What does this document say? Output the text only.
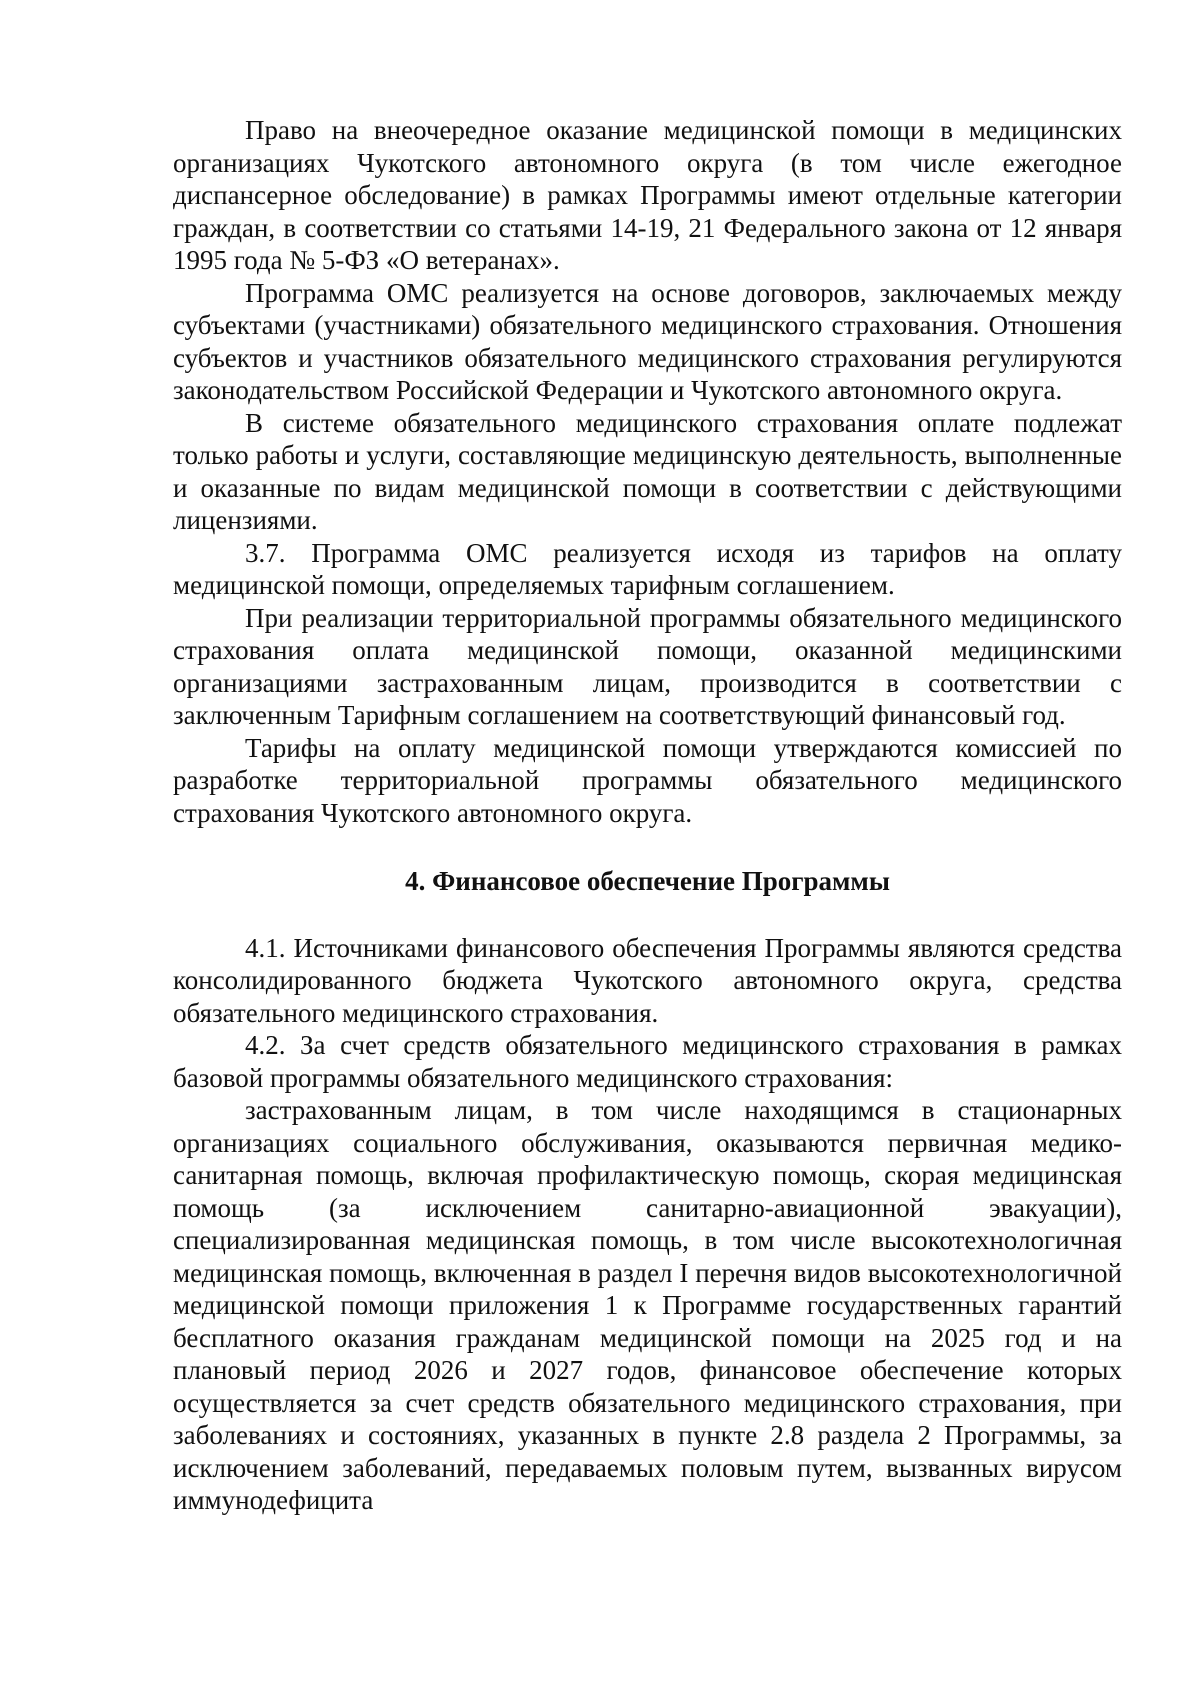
Право на внеочередное оказание медицинской помощи в медицинских организациях Чукотского автономного округа (в том числе ежегодное диспансерное обследование) в рамках Программы имеют отдельные категории граждан, в соответствии со статьями 14-19, 21 Федерального закона от 12 января 1995 года № 5-ФЗ «О ветеранах».

Программа ОМС реализуется на основе договоров, заключаемых между субъектами (участниками) обязательного медицинского страхования. Отношения субъектов и участников обязательного медицинского страхования регулируются законодательством Российской Федерации и Чукотского автономного округа.

В системе обязательного медицинского страхования оплате подлежат только работы и услуги, составляющие медицинскую деятельность, выполненные и оказанные по видам медицинской помощи в соответствии с действующими лицензиями.

3.7. Программа ОМС реализуется исходя из тарифов на оплату медицинской помощи, определяемых тарифным соглашением.

При реализации территориальной программы обязательного медицинского страхования оплата медицинской помощи, оказанной медицинскими организациями застрахованным лицам, производится в соответствии с заключенным Тарифным соглашением на соответствующий финансовый год.

Тарифы на оплату медицинской помощи утверждаются комиссией по разработке территориальной программы обязательного медицинского страхования Чукотского автономного округа.

4. Финансовое обеспечение Программы

4.1. Источниками финансового обеспечения Программы являются средства консолидированного бюджета Чукотского автономного округа, средства обязательного медицинского страхования.

4.2. За счет средств обязательного медицинского страхования в рамках базовой программы обязательного медицинского страхования:

застрахованным лицам, в том числе находящимся в стационарных организациях социального обслуживания, оказываются первичная медико-санитарная помощь, включая профилактическую помощь, скорая медицинская помощь (за исключением санитарно-авиационной эвакуации), специализированная медицинская помощь, в том числе высокотехнологичная медицинская помощь, включенная в раздел I перечня видов высокотехнологичной медицинской помощи приложения 1 к Программе государственных гарантий бесплатного оказания гражданам медицинской помощи на 2025 год и на плановый период 2026 и 2027 годов, финансовое обеспечение которых осуществляется за счет средств обязательного медицинского страхования, при заболеваниях и состояниях, указанных в пункте 2.8 раздела 2 Программы, за исключением заболеваний, передаваемых половым путем, вызванных вирусом иммунодефицита
